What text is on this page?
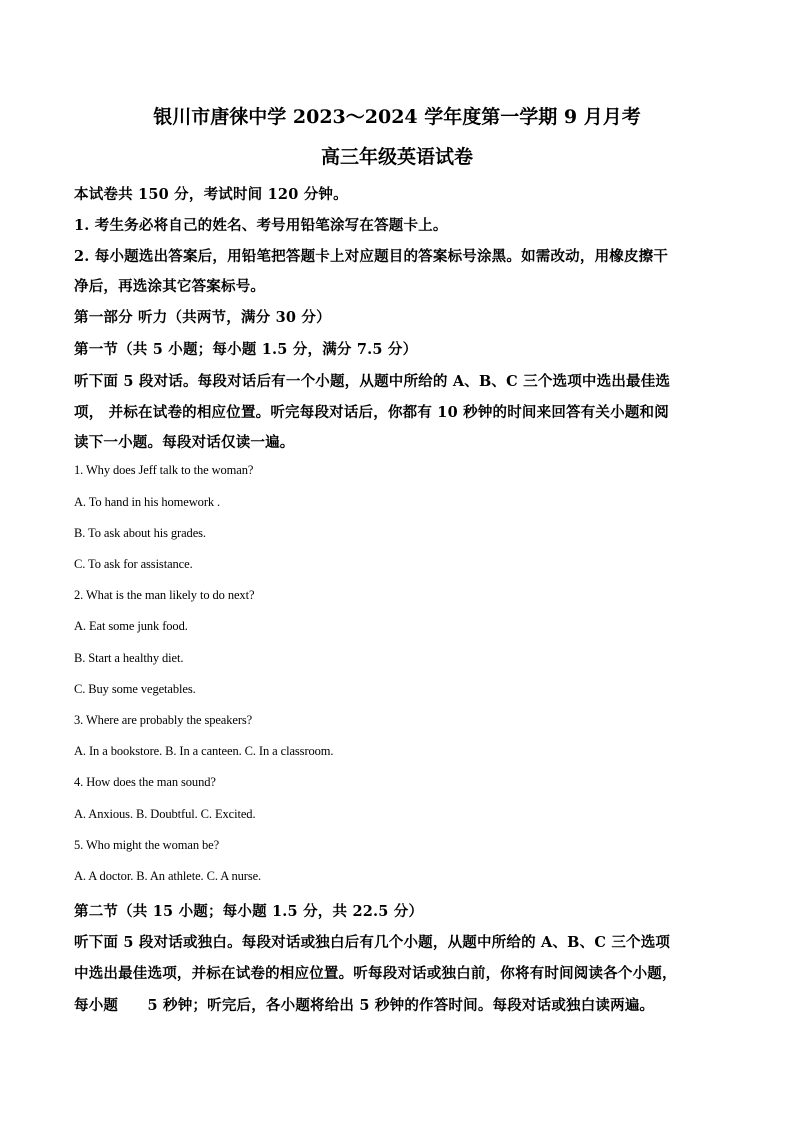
银川市唐徕中学 2023～2024 学年度第一学期 9 月月考
高三年级英语试卷
本试卷共 150 分，考试时间 120 分钟。
1. 考生务必将自己的姓名、考号用铅笔涂写在答题卡上。
2. 每小题选出答案后，用铅笔把答题卡上对应题目的答案标号涂黑。如需改动，用橡皮擦干
净后，再选涂其它答案标号。
第一部分 听力（共两节，满分 30 分）
第一节（共 5 小题；每小题 1.5 分，满分 7.5 分）
听下面 5 段对话。每段对话后有一个小题，从题中所给的 A、B、C 三个选项中选出最佳选
项， 并标在试卷的相应位置。听完每段对话后，你都有 10 秒钟的时间来回答有关小题和阅
读下一小题。每段对话仅读一遍。
1. Why does Jeff talk to the woman?
A. To hand in his homework .
B. To ask about his grades.
C. To ask for assistance.
2. What is the man likely to do next?
A. Eat some junk food.
B. Start a healthy diet.
C. Buy some vegetables.
3. Where are probably the speakers?
A. In a bookstore. B. In a canteen. C. In a classroom.
4. How does the man sound?
A. Anxious. B. Doubtful. C. Excited.
5. Who might the woman be?
A. A doctor. B. An athlete. C. A nurse.
第二节（共 15 小题；每小题 1.5 分，共 22.5 分）
听下面 5 段对话或独白。每段对话或独白后有几个小题，从题中所给的 A、B、C 三个选项
中选出最佳选项，并标在试卷的相应位置。听每段对话或独白前，你将有时间阅读各个小题，
每小题　　5 秒钟；听完后，各小题将给出 5 秒钟的作答时间。每段对话或独白读两遍。
